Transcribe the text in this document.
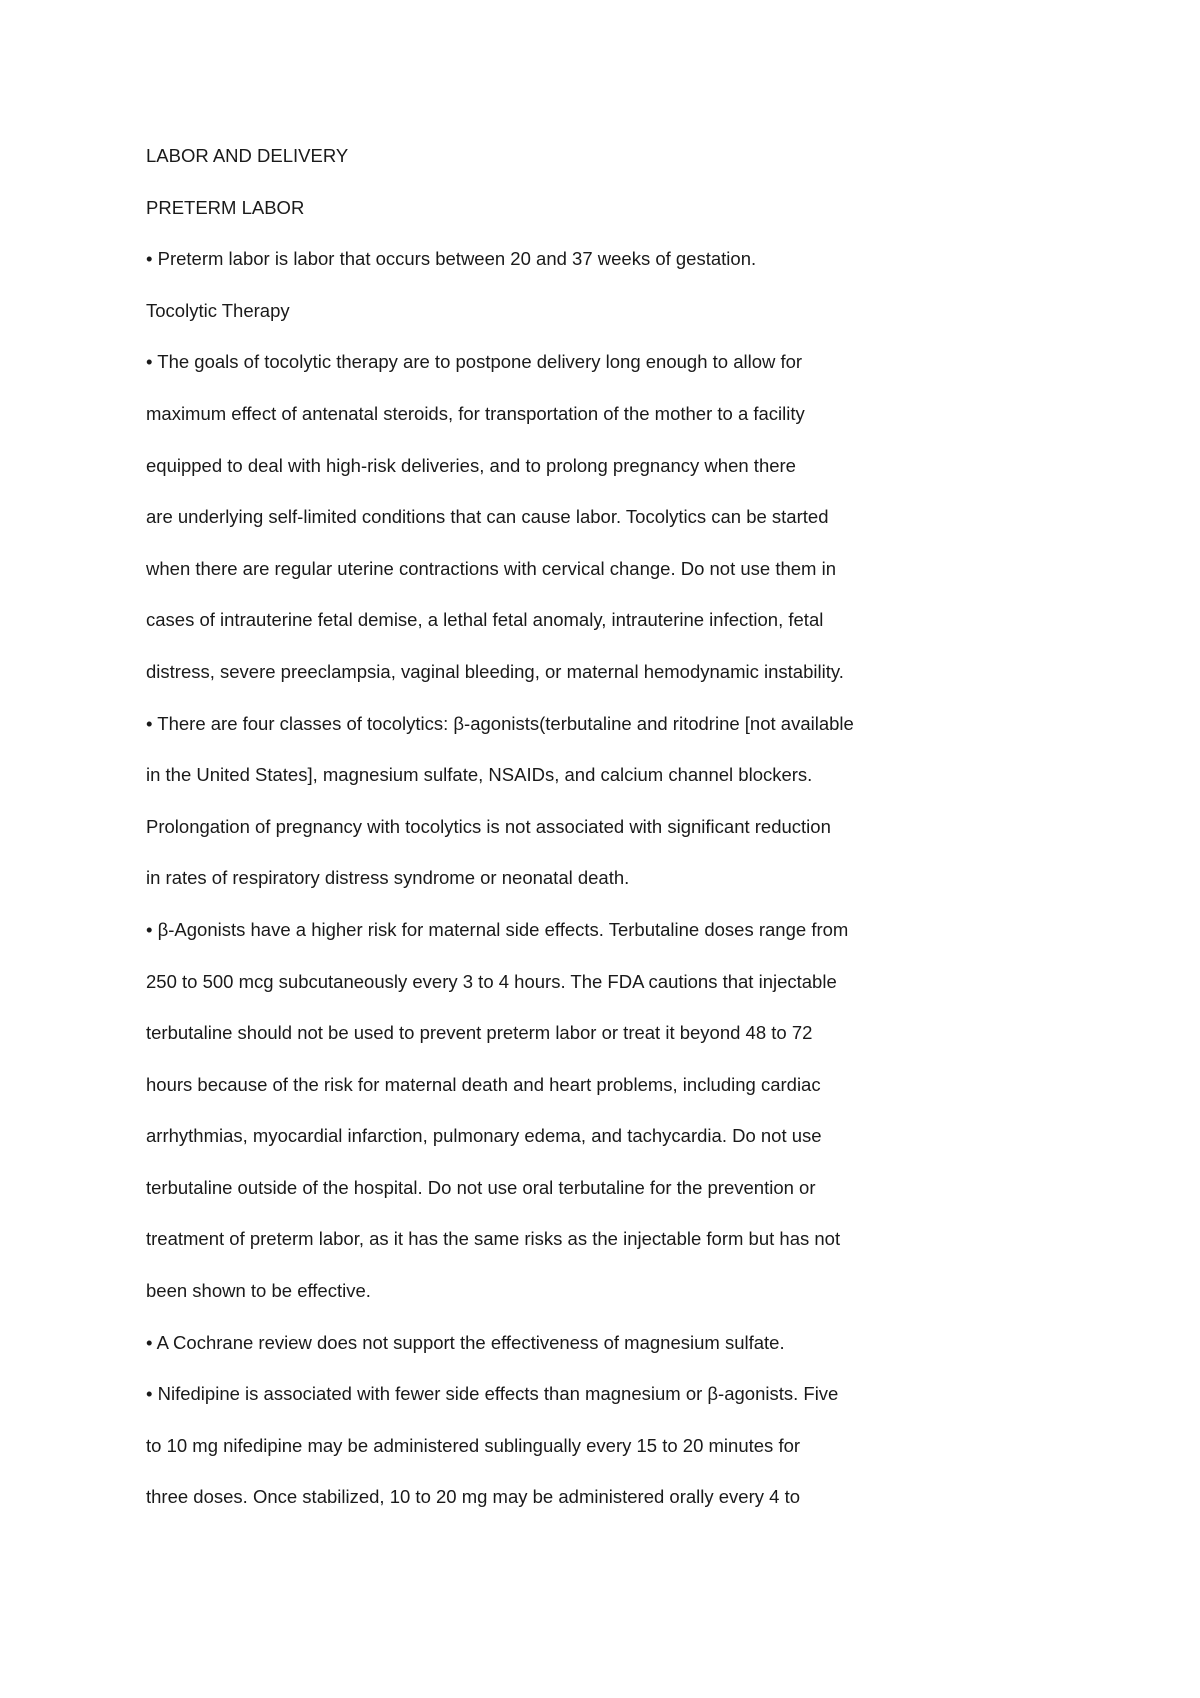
LABOR AND DELIVERY
PRETERM LABOR
• Preterm labor is labor that occurs between 20 and 37 weeks of gestation.
Tocolytic Therapy
• The goals of tocolytic therapy are to postpone delivery long enough to allow for
maximum effect of antenatal steroids, for transportation of the mother to a facility
equipped to deal with high-risk deliveries, and to prolong pregnancy when there
are underlying self-limited conditions that can cause labor. Tocolytics can be started
when there are regular uterine contractions with cervical change. Do not use them in
cases of intrauterine fetal demise, a lethal fetal anomaly, intrauterine infection, fetal
distress, severe preeclampsia, vaginal bleeding, or maternal hemodynamic instability.
• There are four classes of tocolytics: β-agonists(terbutaline and ritodrine [not available
in the United States], magnesium sulfate, NSAIDs, and calcium channel blockers.
Prolongation of pregnancy with tocolytics is not associated with significant reduction
in rates of respiratory distress syndrome or neonatal death.
• β-Agonists have a higher risk for maternal side effects. Terbutaline doses range from
250 to 500 mcg subcutaneously every 3 to 4 hours. The FDA cautions that injectable
terbutaline should not be used to prevent preterm labor or treat it beyond 48 to 72
hours because of the risk for maternal death and heart problems, including cardiac
arrhythmias, myocardial infarction, pulmonary edema, and tachycardia. Do not use
terbutaline outside of the hospital. Do not use oral terbutaline for the prevention or
treatment of preterm labor, as it has the same risks as the injectable form but has not
been shown to be effective.
• A Cochrane review does not support the effectiveness of magnesium sulfate.
• Nifedipine is associated with fewer side effects than magnesium or β-agonists. Five
to 10 mg nifedipine may be administered sublingually every 15 to 20 minutes for
three doses. Once stabilized, 10 to 20 mg may be administered orally every 4 to
